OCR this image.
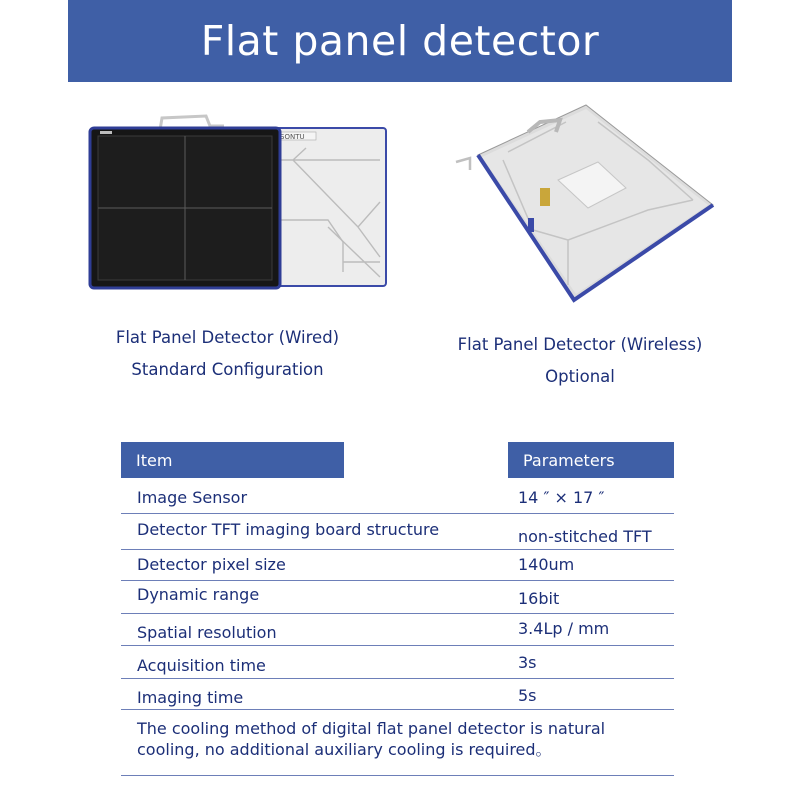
Flat panel detector
SONTU
Flat Panel Detector (Wired)
Standard Configuration
Flat Panel Detector (Wireless)
Optional
Item	Parameters
Image Sensor	14 ″ × 17 ″
Detector TFT imaging board structure	non-stitched TFT
Detector pixel size	140um
Dynamic range	16bit
Spatial resolution	3.4Lp / mm
Acquisition time	3s
Imaging time	5s
The cooling method of digital flat panel detector is natural cooling, no additional auxiliary cooling is required。
